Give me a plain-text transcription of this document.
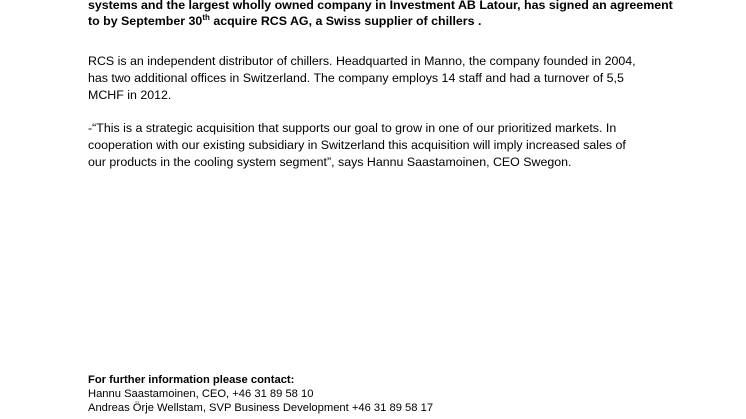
systems and the largest wholly owned company in Investment AB Latour, has signed an agreement
to by September 30th acquire RCS AG, a Swiss supplier of chillers .

RCS is an independent distributor of chillers. Headquarted in Manno, the company founded in 2004,
has two additional offices in Switzerland. The company employs 14 staff and had a turnover of 5,5
MCHF in 2012.

-“This is a strategic acquisition that supports our goal to grow in one of our prioritized markets. In
cooperation with our existing subsidiary in Switzerland this acquisition will imply increased sales of
our products in the cooling system segment”, says Hannu Saastamoinen, CEO Swegon.

For further information please contact:
Hannu Saastamoinen, CEO, +46 31 89 58 10
Andreas Örje Wellstam, SVP Business Development +46 31 89 58 17
